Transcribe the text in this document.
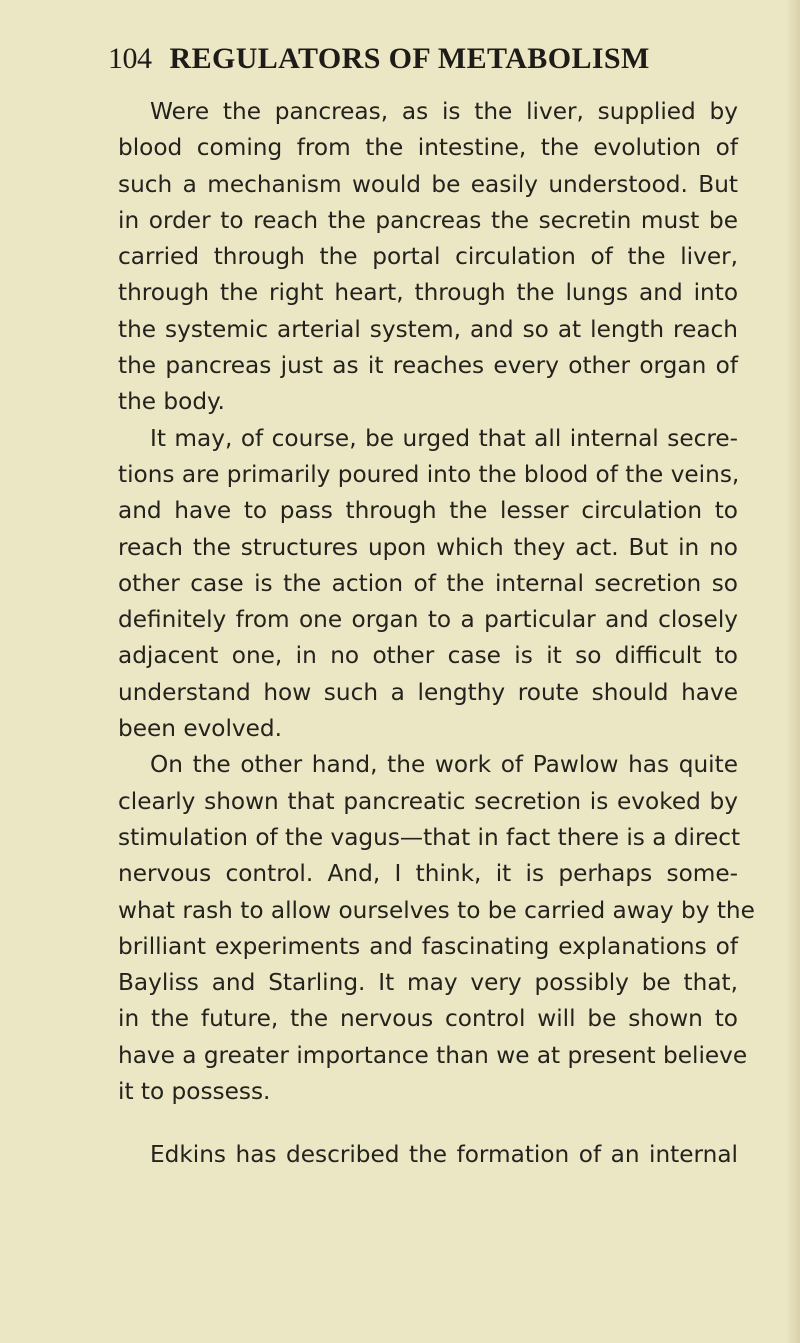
104 REGULATORS OF METABOLISM
Were the pancreas, as is the liver, supplied by
blood coming from the intestine, the evolution of
such a mechanism would be easily understood. But
in order to reach the pancreas the secretin must be
carried through the portal circulation of the liver,
through the right heart, through the lungs and into
the systemic arterial system, and so at length reach
the pancreas just as it reaches every other organ of
the body.
It may, of course, be urged that all internal secre-
tions are primarily poured into the blood of the veins,
and have to pass through the lesser circulation to
reach the structures upon which they act. But in no
other case is the action of the internal secretion so
definitely from one organ to a particular and closely
adjacent one, in no other case is it so difficult to
understand how such a lengthy route should have
been evolved.
On the other hand, the work of Pawlow has quite
clearly shown that pancreatic secretion is evoked by
stimulation of the vagus—that in fact there is a direct
nervous control. And, I think, it is perhaps some-
what rash to allow ourselves to be carried away by the
brilliant experiments and fascinating explanations of
Bayliss and Starling. It may very possibly be that,
in the future, the nervous control will be shown to
have a greater importance than we at present believe
it to possess.
Edkins has described the formation of an internal
